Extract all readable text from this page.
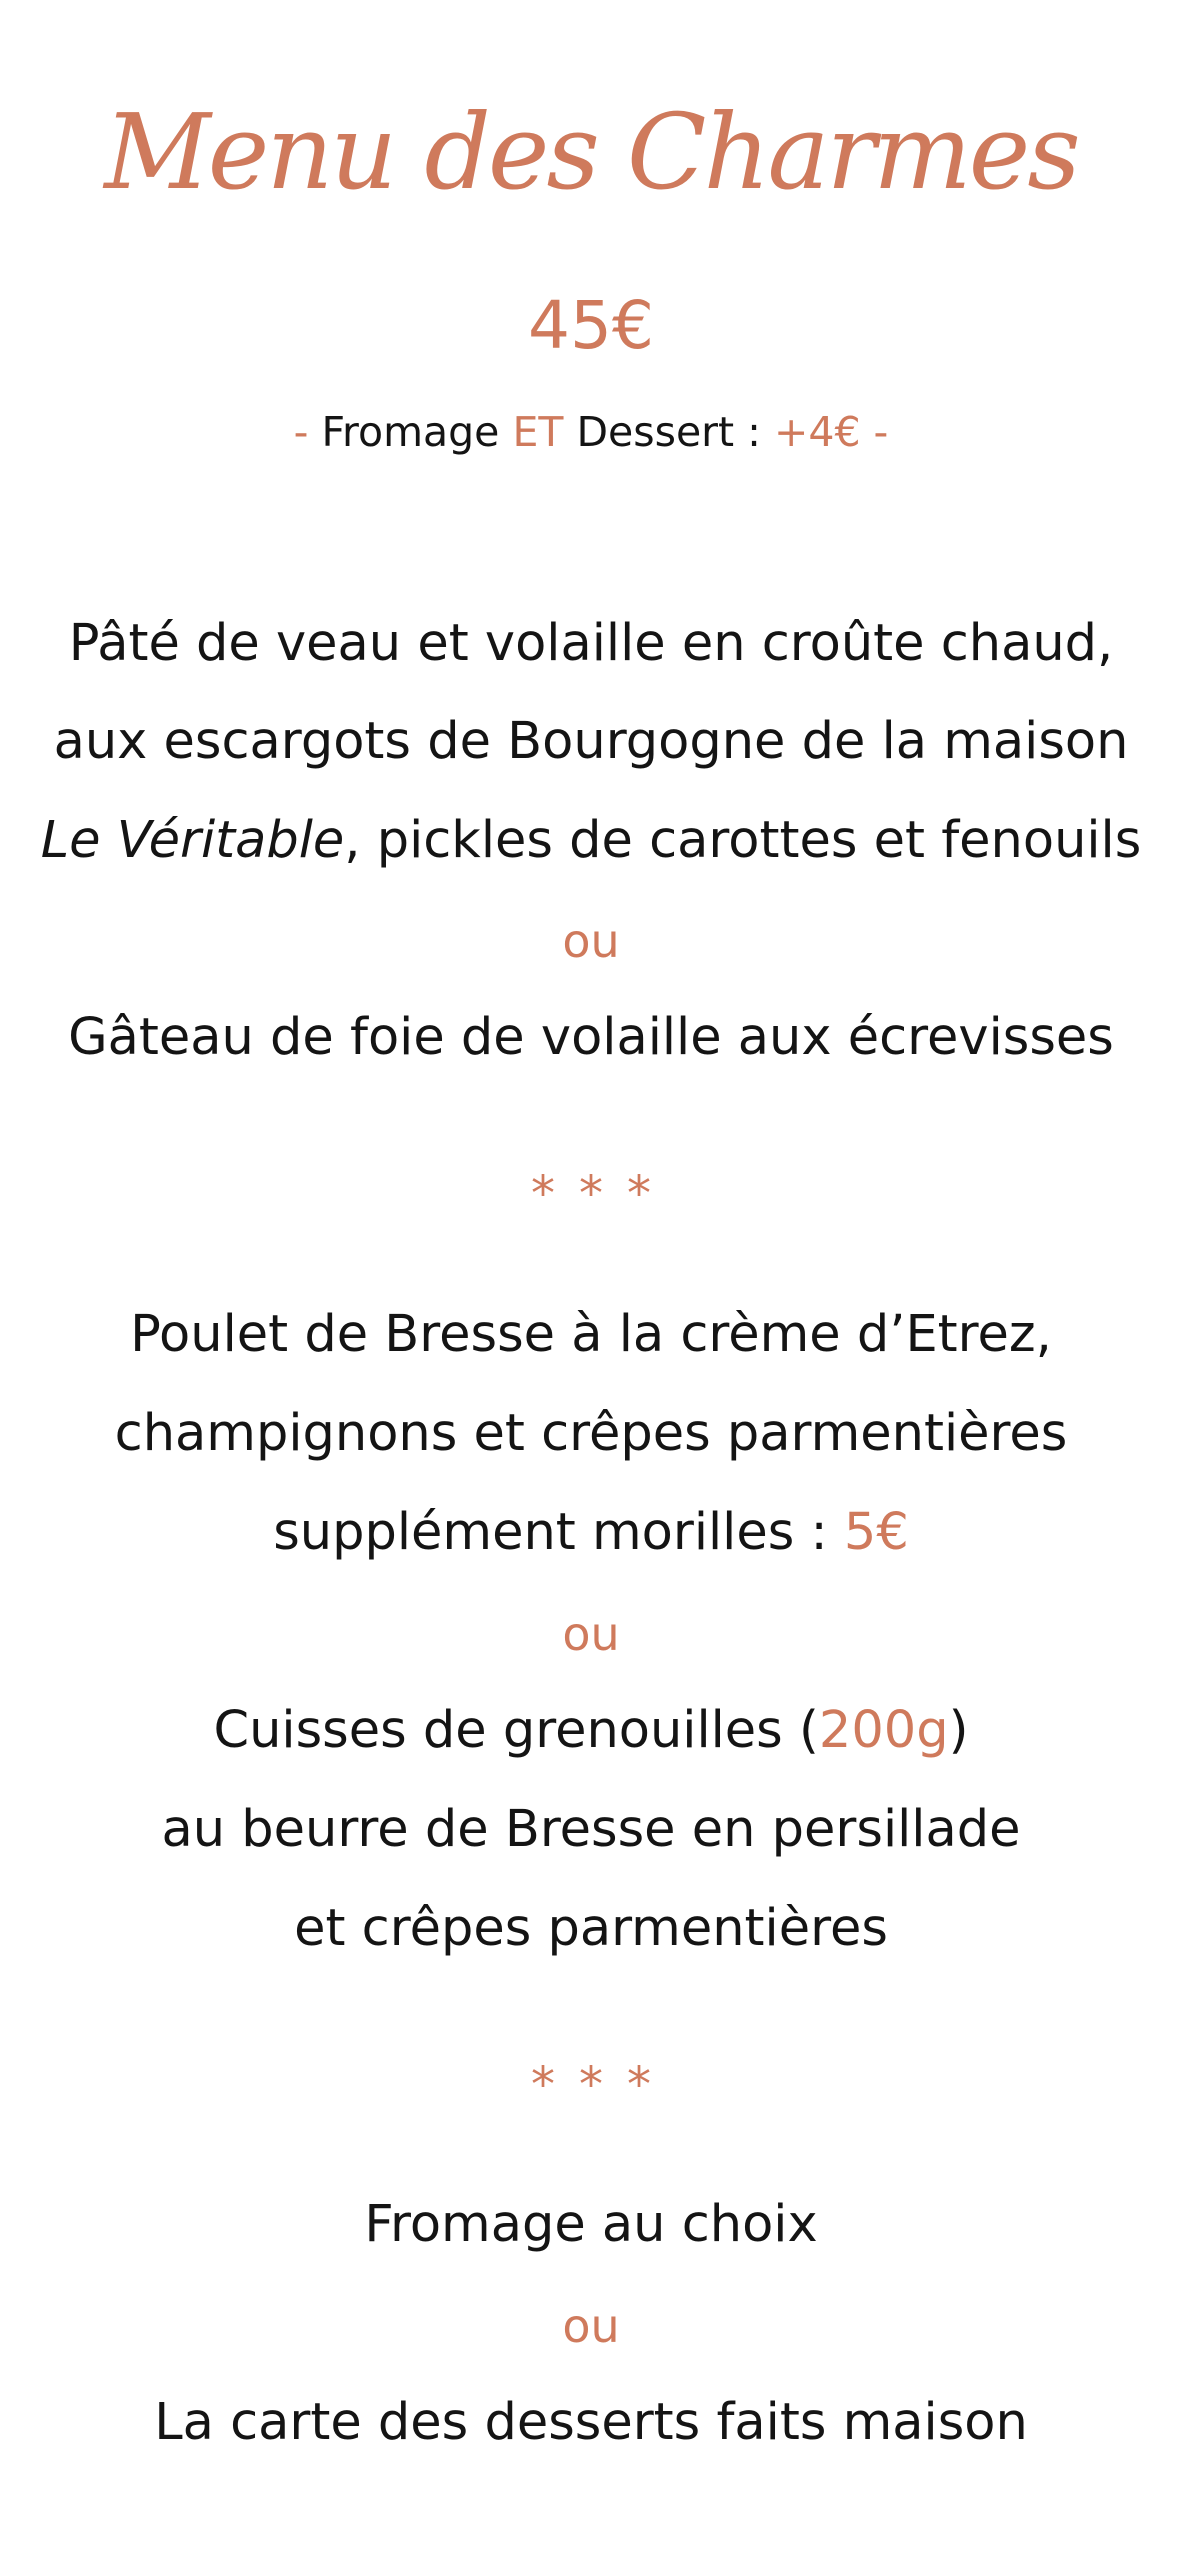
Menu des Charmes
45€
- Fromage ET Dessert : +4€ -
Pâté de veau et volaille en croûte chaud,
aux escargots de Bourgogne de la maison
Le Véritable, pickles de carottes et fenouils
ou
Gâteau de foie de volaille aux écrevisses
***
Poulet de Bresse à la crème d’Etrez,
champignons et crêpes parmentières
supplément morilles : 5€
ou
Cuisses de grenouilles (200g)
au beurre de Bresse en persillade
et crêpes parmentières
***
Fromage au choix
ou
La carte des desserts faits maison
